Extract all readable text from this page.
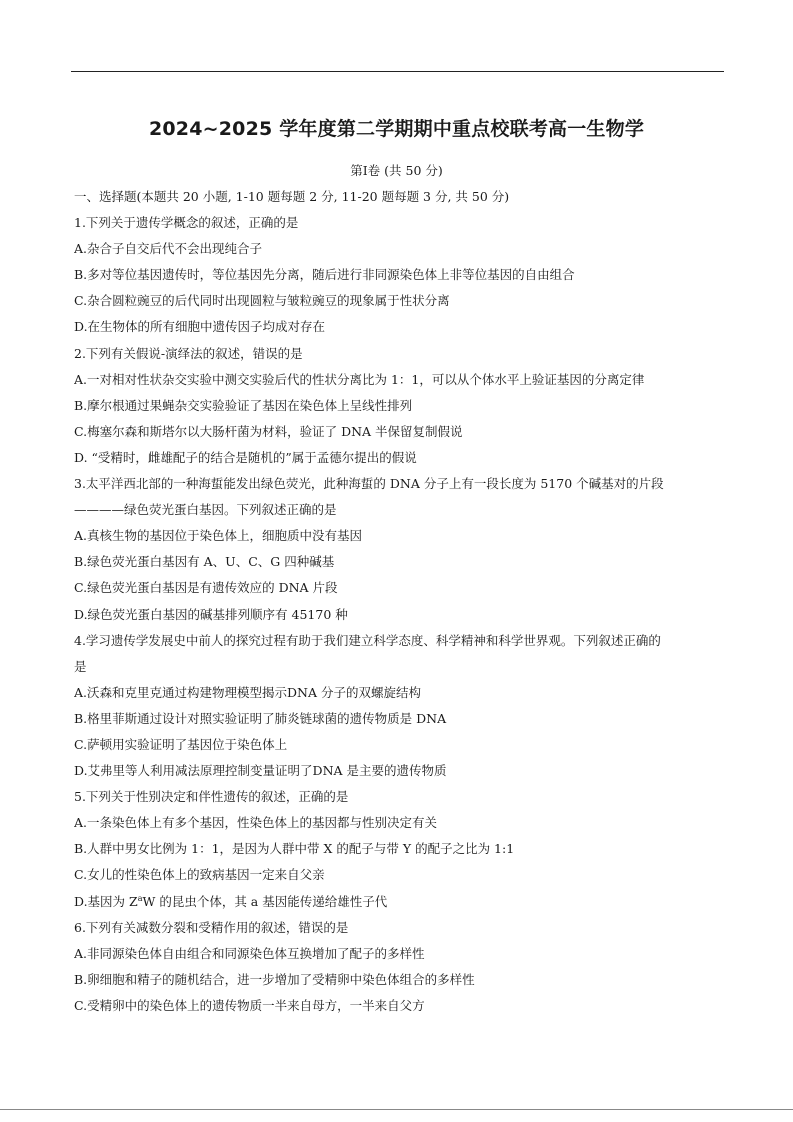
2024~2025 学年度第二学期期中重点校联考高一生物学
第Ⅰ卷 (共 50 分)
一、选择题(本题共 20 小题, 1-10 题每题 2 分, 11-20 题每题 3 分, 共 50 分)
1.下列关于遗传学概念的叙述，正确的是
A.杂合子自交后代不会出现纯合子
B.多对等位基因遗传时，等位基因先分离，随后进行非同源染色体上非等位基因的自由组合
C.杂合圆粒豌豆的后代同时出现圆粒与皱粒豌豆的现象属于性状分离
D.在生物体的所有细胞中遗传因子均成对存在
2.下列有关假说-演绎法的叙述，错误的是
A.一对相对性状杂交实验中测交实验后代的性状分离比为 1：1，可以从个体水平上验证基因的分离定律
B.摩尔根通过果蝇杂交实验验证了基因在染色体上呈线性排列
C.梅塞尔森和斯塔尔以大肠杆菌为材料，验证了 DNA 半保留复制假说
D. “受精时，雌雄配子的结合是随机的”属于孟德尔提出的假说
3.太平洋西北部的一种海蜇能发出绿色荧光，此种海蜇的 DNA 分子上有一段长度为 5170 个碱基对的片段
————绿色荧光蛋白基因。下列叙述正确的是
A.真核生物的基因位于染色体上，细胞质中没有基因
B.绿色荧光蛋白基因有 A、U、C、G 四种碱基
C.绿色荧光蛋白基因是有遗传效应的 DNA 片段
D.绿色荧光蛋白基因的碱基排列顺序有 45170 种
4.学习遗传学发展史中前人的探究过程有助于我们建立科学态度、科学精神和科学世界观。下列叙述正确的
是
A.沃森和克里克通过构建物理模型揭示DNA 分子的双螺旋结构
B.格里菲斯通过设计对照实验证明了肺炎链球菌的遗传物质是 DNA
C.萨顿用实验证明了基因位于染色体上
D.艾弗里等人利用减法原理控制变量证明了DNA 是主要的遗传物质
5.下列关于性别决定和伴性遗传的叙述，正确的是
A.一条染色体上有多个基因，性染色体上的基因都与性别决定有关
B.人群中男女比例为 1：1，是因为人群中带 X 的配子与带 Y 的配子之比为 1:1
C.女儿的性染色体上的致病基因一定来自父亲
D.基因为 $Z^aW$ 的昆虫个体，其 a 基因能传递给雄性子代
6.下列有关减数分裂和受精作用的叙述，错误的是
A.非同源染色体自由组合和同源染色体互换增加了配子的多样性
B.卵细胞和精子的随机结合，进一步增加了受精卵中染色体组合的多样性
C.受精卵中的染色体上的遗传物质一半来自母方，一半来自父方
